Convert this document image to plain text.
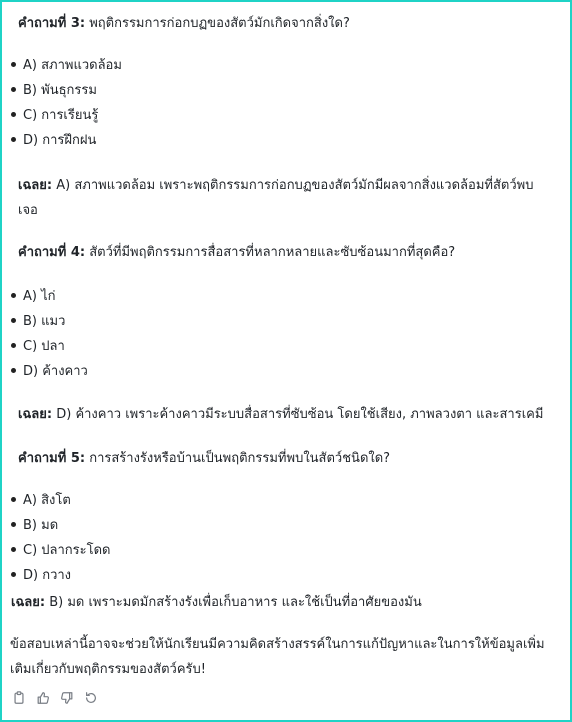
คำถามที่ 3: พฤติกรรมการก่อกบฏของสัตว์มักเกิดจากสิ่งใด?
A) สภาพแวดล้อม
B) พันธุกรรม
C) การเรียนรู้
D) การฝึกฝน
เฉลย: A) สภาพแวดล้อม เพราะพฤติกรรมการก่อกบฏของสัตว์มักมีผลจากสิ่งแวดล้อมที่สัตว์พบ
เจอ
คำถามที่ 4: สัตว์ที่มีพฤติกรรมการสื่อสารที่หลากหลายและซับซ้อนมากที่สุดคือ?
A) ไก่
B) แมว
C) ปลา
D) ค้างคาว
เฉลย: D) ค้างคาว เพราะค้างคาวมีระบบสื่อสารที่ซับซ้อน โดยใช้เสียง, ภาพลวงตา และสารเคมี
คำถามที่ 5: การสร้างรังหรือบ้านเป็นพฤติกรรมที่พบในสัตว์ชนิดใด?
A) สิงโต
B) มด
C) ปลากระโดด
D) กวาง
เฉลย: B) มด เพราะมดมักสร้างรังเพื่อเก็บอาหาร และใช้เป็นที่อาศัยของมัน
ข้อสอบเหล่านี้อาจจะช่วยให้นักเรียนมีความคิดสร้างสรรค์ในการแก้ปัญหาและในการให้ข้อมูลเพิ่ม
เติมเกี่ยวกับพฤติกรรมของสัตว์ครับ!
